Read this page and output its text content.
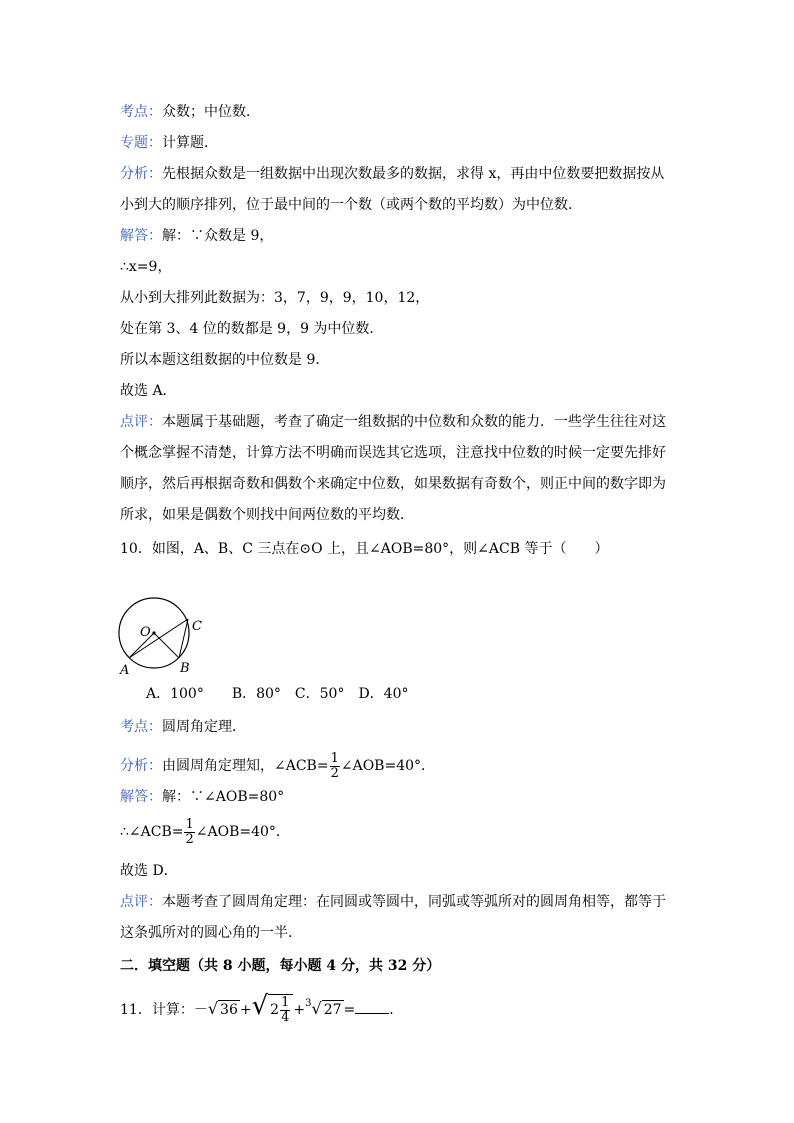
考点：众数；中位数．
专题：计算题．
分析：先根据众数是一组数据中出现次数最多的数据，求得 x，再由中位数要把数据按从
小到大的顺序排列，位于最中间的一个数（或两个数的平均数）为中位数．
解答：解：∵众数是 9，
∴x=9，
从小到大排列此数据为：3，7，9，9，10，12，
处在第 3、4 位的数都是 9，9 为中位数．
所以本题这组数据的中位数是 9．
故选 A．
点评：本题属于基础题，考查了确定一组数据的中位数和众数的能力．一些学生往往对这
个概念掌握不清楚，计算方法不明确而误选其它选项，注意找中位数的时候一定要先排好
顺序，然后再根据奇数和偶数个来确定中位数，如果数据有奇数个，则正中间的数字即为
所求，如果是偶数个则找中间两位数的平均数．
10．如图，A、B、C 三点在⊙O 上，且∠AOB=80°，则∠ACB 等于（　　）
O	C
A	B
A．100°　　B．80°　C．50°　D．40°
考点：圆周角定理．
分析：由圆周角定理知，∠ACB= $\frac{1}{2}$ ∠AOB=40°．
解答：解：∵∠AOB=80°
∴∠ACB= $\frac{1}{2}$ ∠AOB=40°．
故选 D．
点评：本题考查了圆周角定理：在同圆或等圆中，同弧或等弧所对的圆周角相等，都等于
这条弧所对的圆心角的一半．
二．填空题（共 8 小题，每小题 4 分，共 32 分）
11．计算：－√ 36 +√ $2 \frac{1}{4} +^3√$ 27 = ．
